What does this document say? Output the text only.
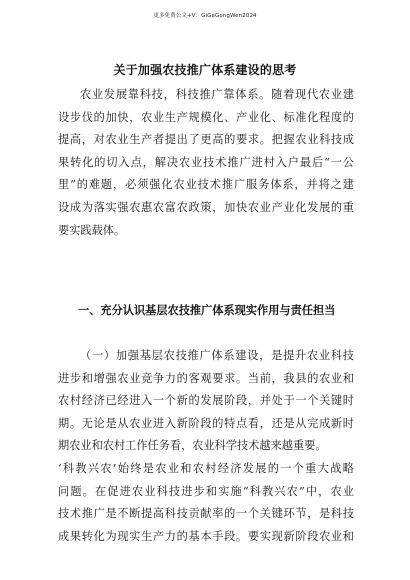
更多免费公文+V：GiGeGongWen2024
关于加强农技推广体系建设的思考
农业发展靠科技，科技推广靠体系。随着现代农业建
设步伐的加快，农业生产规模化、产业化、标准化程度的
提高，对农业生产者提出了更高的要求。把握农业科技成
果转化的切入点，解决农业技术推广进村入户最后“一公
里”的难题，必须强化农业技术推广服务体系，并将之建
设成为落实强农惠农富农政策，加快农业产业化发展的重
要实践载体。
一、充分认识基层农技推广体系现实作用与责任担当
（一）加强基层农技推广体系建设，是提升农业科技
进步和增强农业竞争力的客观要求。当前，我县的农业和
农村经济已经进入一个新的发展阶段，并处于一个关键时
期。无论是从农业进入新阶段的特点看，还是从完成新时
期农业和农村工作任务看，农业科学技术越来越重要。
‘科教兴农’始终是农业和农村经济发展的一个重大战略
问题。在促进农业科技进步和实施“科教兴农”中，农业
技术推广是不断提高科技贡献率的一个关键环节，是科技
成果转化为现实生产力的基本手段。要实现新阶段农业和
